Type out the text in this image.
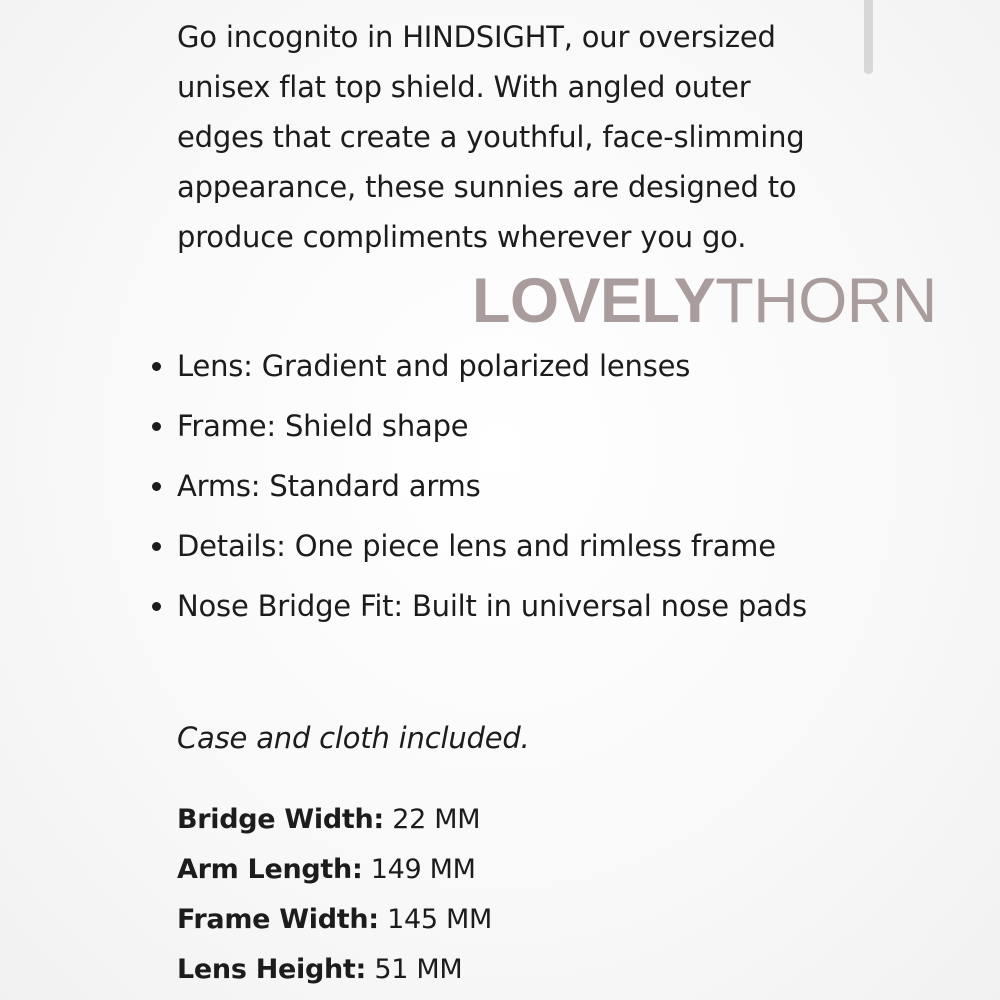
Go incognito in HINDSIGHT, our oversized unisex flat top shield. With angled outer edges that create a youthful, face-slimming appearance, these sunnies are designed to produce compliments wherever you go.

LOVELYTHORN

Lens: Gradient and polarized lenses
Frame: Shield shape
Arms: Standard arms
Details: One piece lens and rimless frame
Nose Bridge Fit: Built in universal nose pads

Case and cloth included.

Bridge Width: 22 MM
Arm Length: 149 MM
Frame Width: 145 MM
Lens Height: 51 MM
